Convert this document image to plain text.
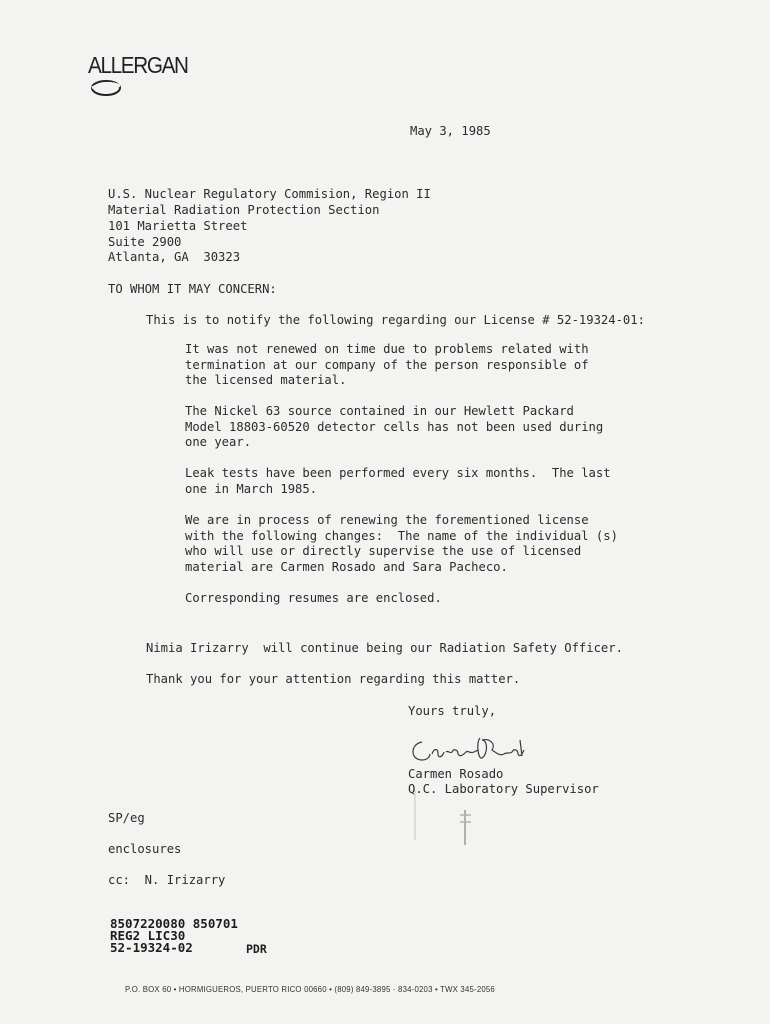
ALLERGAN
May 3, 1985
U.S. Nuclear Regulatory Commision, Region II
Material Radiation Protection Section
101 Marietta Street
Suite 2900
Atlanta, GA  30323
TO WHOM IT MAY CONCERN:
This is to notify the following regarding our License # 52-19324-01:
It was not renewed on time due to problems related with
termination at our company of the person responsible of
the licensed material.
The Nickel 63 source contained in our Hewlett Packard
Model 18803-60520 detector cells has not been used during
one year.
Leak tests have been performed every six months.  The last
one in March 1985.
We are in process of renewing the forementioned license
with the following changes:  The name of the individual (s)
who will use or directly supervise the use of licensed
material are Carmen Rosado and Sara Pacheco.
Corresponding resumes are enclosed.
Nimia Irizarry  will continue being our Radiation Safety Officer.
Thank you for your attention regarding this matter.
Yours truly,
Carmen Rosado
Q.C. Laboratory Supervisor
SP/eg
enclosures
cc:  N. Irizarry
8507220080 850701
REG2 LIC30
52-19324-02	PDR
P.O. BOX 60 • HORMIGUEROS, PUERTO RICO 00660 • (809) 849-3895 · 834-0203 • TWX 345-2056
